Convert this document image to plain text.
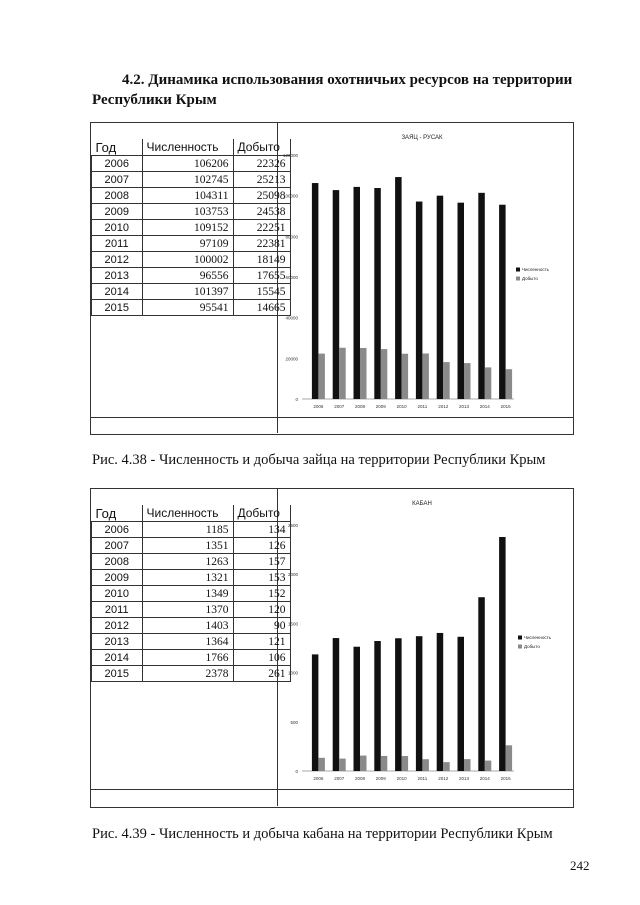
4.2. Динамика использования охотничьих ресурсов на территории
Республики Крым
Год	Численность	Добыто
2006	106206	22326
2007	102745	25213
2008	104311	25098
2009	103753	24538
2010	109152	22251
2011	97109	22381
2012	100002	18149
2013	96556	17655
2014	101397	15545
2015	95541	14665
ЗАЯЦ - РУСАК
0
20000
40000
60000
80000
100000
120000
2006 2007 2008 2009 2010 2011 2012 2013 2014 2015
Численность
Добыто
Рис. 4.38 - Численность и добыча зайца на территории Республики Крым
Год	Численность	Добыто
2006	1185	134
2007	1351	126
2008	1263	157
2009	1321	153
2010	1349	152
2011	1370	120
2012	1403	90
2013	1364	121
2014	1766	106
2015	2378	261
КАБАН
0
500
1000
1500
2000
2500
2006 2007 2008 2009 2010 2011 2012 2013 2014 2015
Численность
Добыто
Рис. 4.39 - Численность и добыча кабана на территории Республики Крым
242
